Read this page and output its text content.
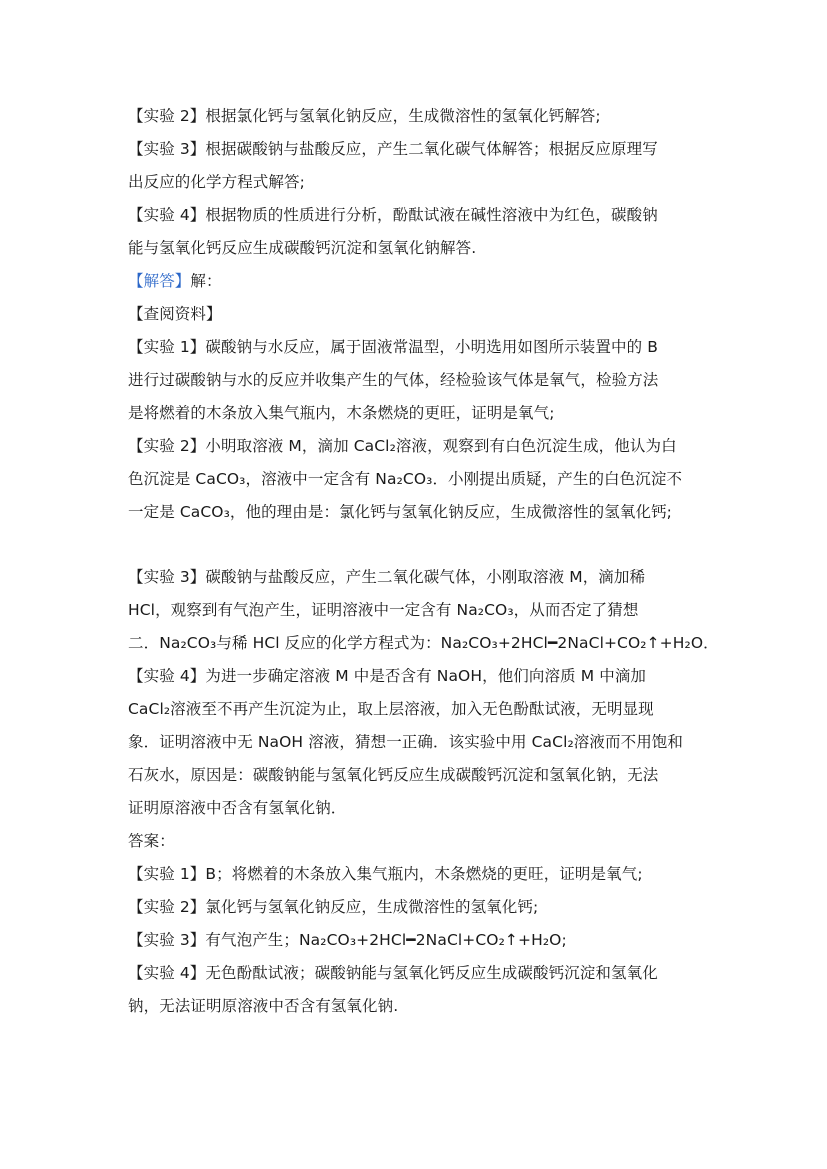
【实验 2】根据氯化钙与氢氧化钠反应，生成微溶性的氢氧化钙解答;
【实验 3】根据碳酸钠与盐酸反应，产生二氧化碳气体解答；根据反应原理写
出反应的化学方程式解答;
【实验 4】根据物质的性质进行分析，酚酞试液在碱性溶液中为红色，碳酸钠
能与氢氧化钙反应生成碳酸钙沉淀和氢氧化钠解答.
【解答】解：
【查阅资料】
【实验 1】碳酸钠与水反应，属于固液常温型，小明选用如图所示装置中的 B
进行过碳酸钠与水的反应并收集产生的气体，经检验该气体是氧气，检验方法
是将燃着的木条放入集气瓶内，木条燃烧的更旺，证明是氧气;
【实验 2】小明取溶液 M，滴加 CaCl₂溶液，观察到有白色沉淀生成，他认为白
色沉淀是 CaCO₃，溶液中一定含有 Na₂CO₃．小刚提出质疑，产生的白色沉淀不
一定是 CaCO₃，他的理由是：氯化钙与氢氧化钠反应，生成微溶性的氢氧化钙;
【实验 3】碳酸钠与盐酸反应，产生二氧化碳气体，小刚取溶液 M，滴加稀
HCl，观察到有气泡产生，证明溶液中一定含有 Na₂CO₃，从而否定了猜想
二．Na₂CO₃与稀 HCl 反应的化学方程式为：Na₂CO₃+2HCl━2NaCl+CO₂↑+H₂O．
【实验 4】为进一步确定溶液 M 中是否含有 NaOH，他们向溶质 M 中滴加
CaCl₂溶液至不再产生沉淀为止，取上层溶液，加入无色酚酞试液，无明显现
象．证明溶液中无 NaOH 溶液，猜想一正确．该实验中用 CaCl₂溶液而不用饱和
石灰水，原因是：碳酸钠能与氢氧化钙反应生成碳酸钙沉淀和氢氧化钠，无法
证明原溶液中否含有氢氧化钠．
答案：
【实验 1】B；将燃着的木条放入集气瓶内，木条燃烧的更旺，证明是氧气;
【实验 2】氯化钙与氢氧化钠反应，生成微溶性的氢氧化钙;
【实验 3】有气泡产生；Na₂CO₃+2HCl━2NaCl+CO₂↑+H₂O;
【实验 4】无色酚酞试液；碳酸钠能与氢氧化钙反应生成碳酸钙沉淀和氢氧化
钠，无法证明原溶液中否含有氢氧化钠.
